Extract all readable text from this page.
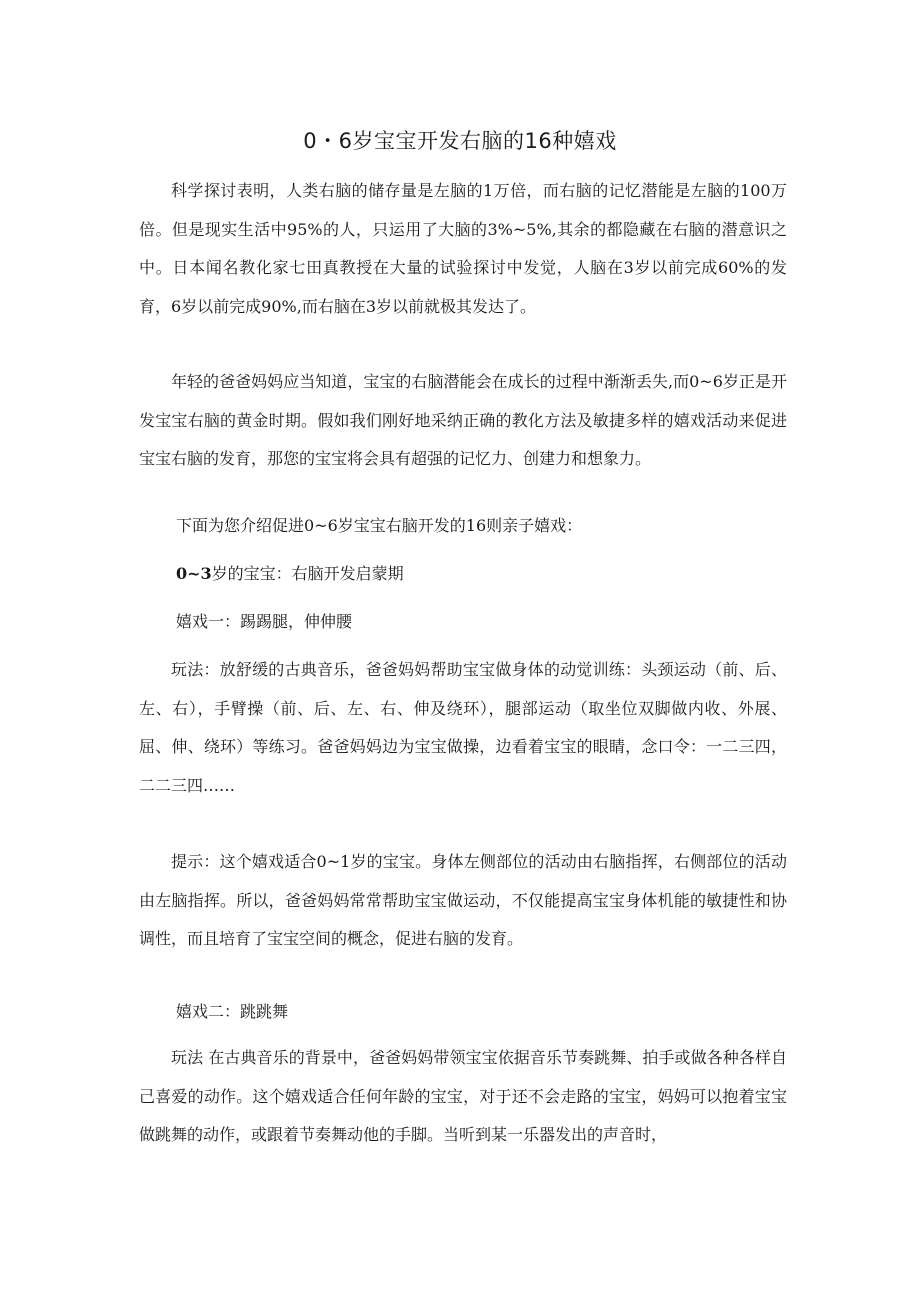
0・6岁宝宝开发右脑的16种嬉戏
科学探讨表明，人类右脑的储存量是左脑的1万倍，而右脑的记忆潜能是左脑的100万倍。但是现实生活中95%的人，只运用了大脑的3%~5%,其余的都隐藏在右脑的潜意识之中。日本闻名教化家七田真教授在大量的试验探讨中发觉，人脑在3岁以前完成60%的发育，6岁以前完成90%,而右脑在3岁以前就极其发达了。
年轻的爸爸妈妈应当知道，宝宝的右脑潜能会在成长的过程中渐渐丢失,而0~6岁正是开发宝宝右脑的黄金时期。假如我们刚好地采纳正确的教化方法及敏捷多样的嬉戏活动来促进宝宝右脑的发育，那您的宝宝将会具有超强的记忆力、创建力和想象力。
下面为您介绍促进0~6岁宝宝右脑开发的16则亲子嬉戏：
0~3岁的宝宝：右脑开发启蒙期
嬉戏一：踢踢腿，伸伸腰
玩法：放舒缓的古典音乐，爸爸妈妈帮助宝宝做身体的动觉训练：头颈运动（前、后、左、右），手臂操（前、后、左、右、伸及绕环），腿部运动（取坐位双脚做内收、外展、屈、伸、绕环）等练习。爸爸妈妈边为宝宝做操，边看着宝宝的眼睛，念口令：一二三四，二二三四……
提示：这个嬉戏适合0~1岁的宝宝。身体左侧部位的活动由右脑指挥，右侧部位的活动由左脑指挥。所以，爸爸妈妈常常帮助宝宝做运动，不仅能提高宝宝身体机能的敏捷性和协调性，而且培育了宝宝空间的概念，促进右脑的发育。
嬉戏二：跳跳舞
玩法 在古典音乐的背景中，爸爸妈妈带领宝宝依据音乐节奏跳舞、拍手或做各种各样自己喜爱的动作。这个嬉戏适合任何年龄的宝宝，对于还不会走路的宝宝，妈妈可以抱着宝宝做跳舞的动作，或跟着节奏舞动他的手脚。当听到某一乐器发出的声音时，
